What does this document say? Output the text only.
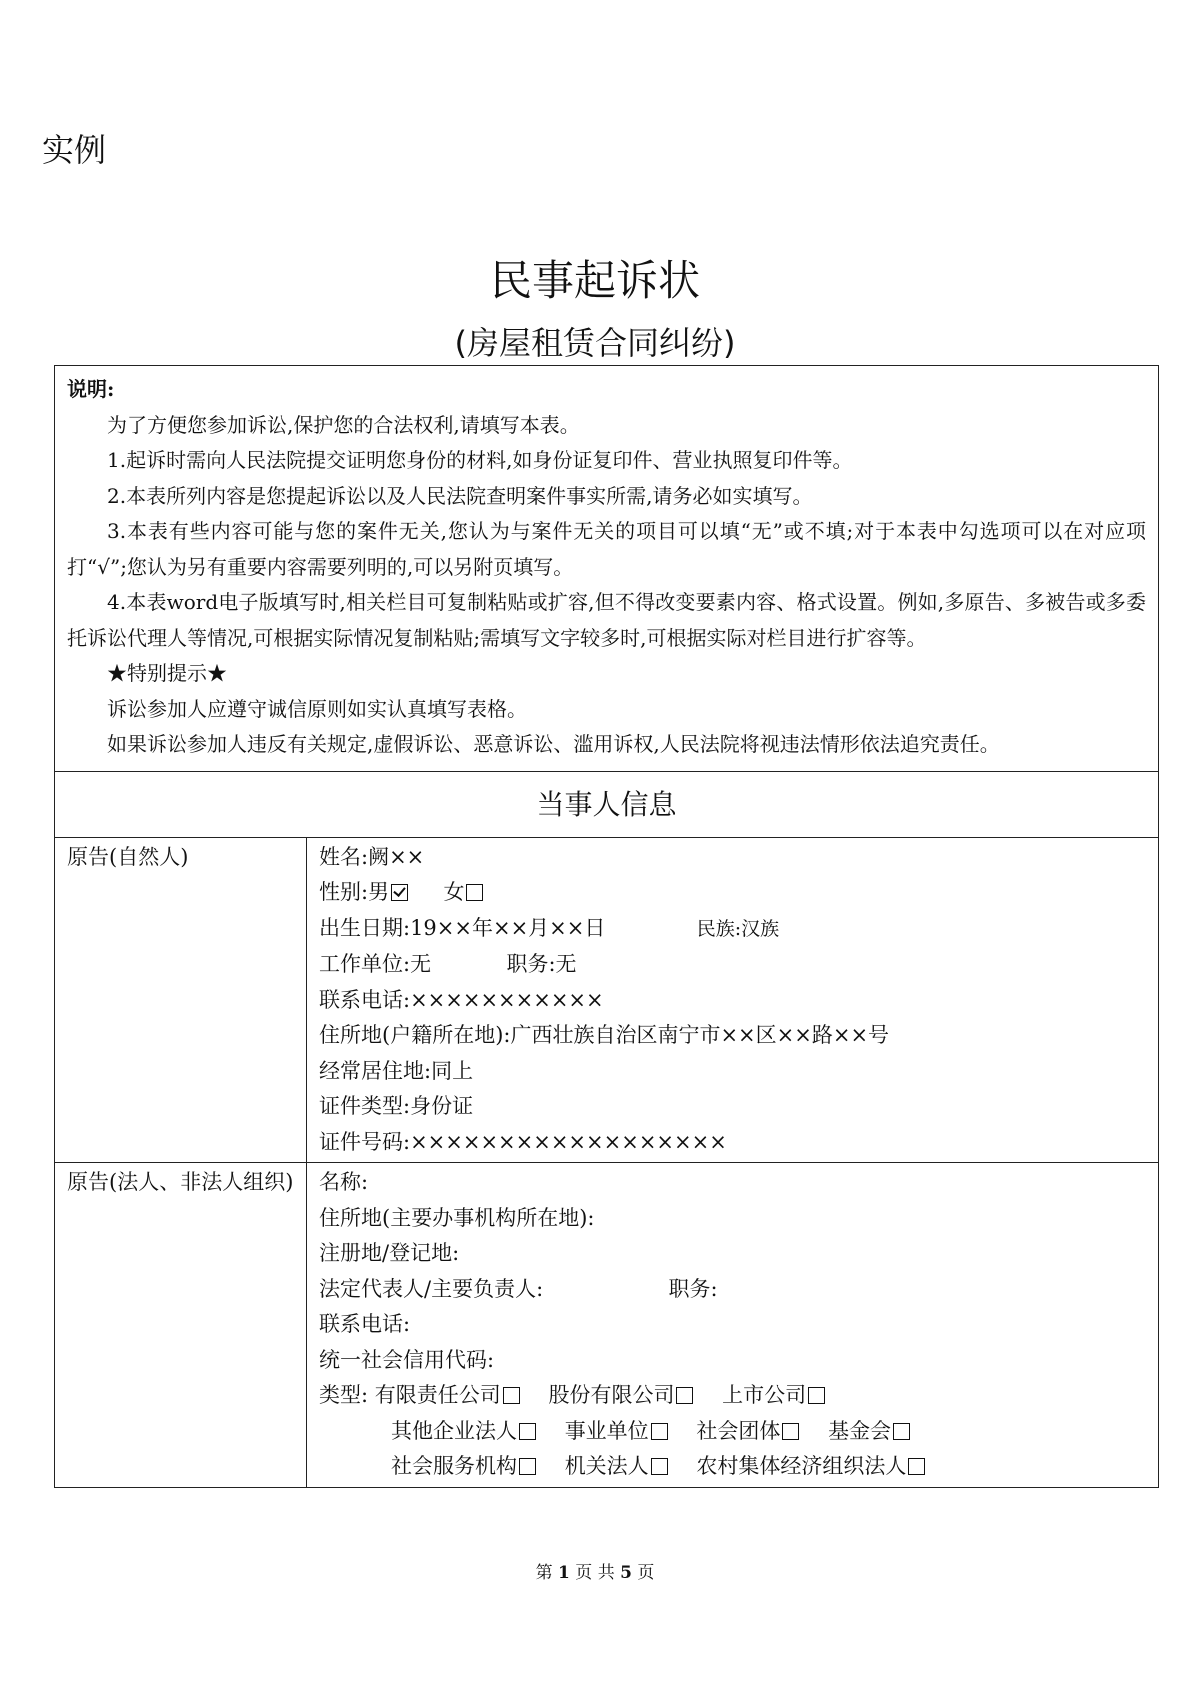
实例
民事起诉状
(房屋租赁合同纠纷)
说明:

为了方便您参加诉讼,保护您的合法权利,请填写本表。

1.起诉时需向人民法院提交证明您身份的材料,如身份证复印件、营业执照复印件等。

2.本表所列内容是您提起诉讼以及人民法院查明案件事实所需,请务必如实填写。

3.本表有些内容可能与您的案件无关,您认为与案件无关的项目可以填“无”或不填;对于本表中勾选项可以在对应项打“√”;您认为另有重要内容需要列明的,可以另附页填写。

4.本表word电子版填写时,相关栏目可复制粘贴或扩容,但不得改变要素内容、格式设置。例如,多原告、多被告或多委托诉讼代理人等情况,可根据实际情况复制粘贴;需填写文字较多时,可根据实际对栏目进行扩容等。

★特别提示★

诉讼参加人应遵守诚信原则如实认真填写表格。

如果诉讼参加人违反有关规定,虚假诉讼、恶意诉讼、滥用诉权,人民法院将视违法情形依法追究责任。

当事人信息
原告(自然人)	姓名:阙××
性别:男	女
出生日期:19××年××月××日	民族:汉族
工作单位:无	职务:无
联系电话:×××××××××××
住所地(户籍所在地):广西壮族自治区南宁市××区××路××号
经常居住地:同上
证件类型:身份证
证件号码:××××××××××××××××××
原告(法人、非法人组织)	名称:
住所地(主要办事机构所在地):
注册地/登记地:
法定代表人/主要负责人:	职务:
联系电话:
统一社会信用代码:
类型: 有限责任公司 股份有限公司 上市公司
其他企业法人 事业单位 社会团体 基金会
社会服务机构 机关法人 农村集体经济组织法人
第 1 页 共 5 页
